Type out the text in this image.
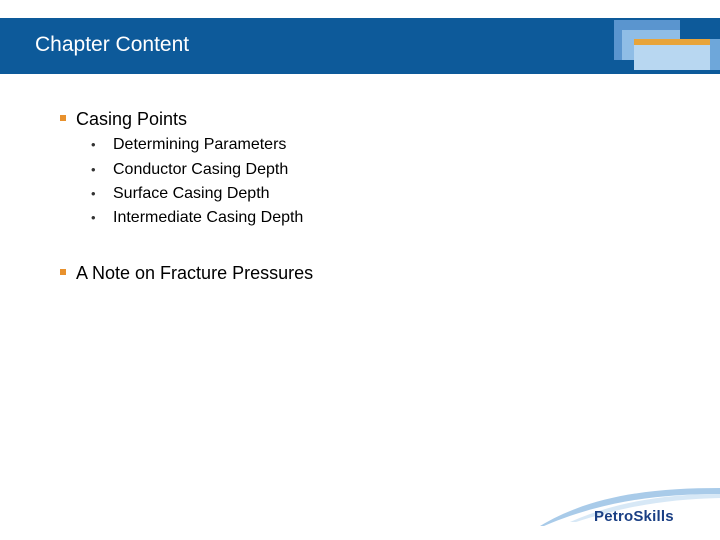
Chapter Content
Casing Points
• Determining Parameters
• Conductor Casing Depth
• Surface Casing Depth
• Intermediate Casing Depth
A Note on Fracture Pressures
PetroSkills
